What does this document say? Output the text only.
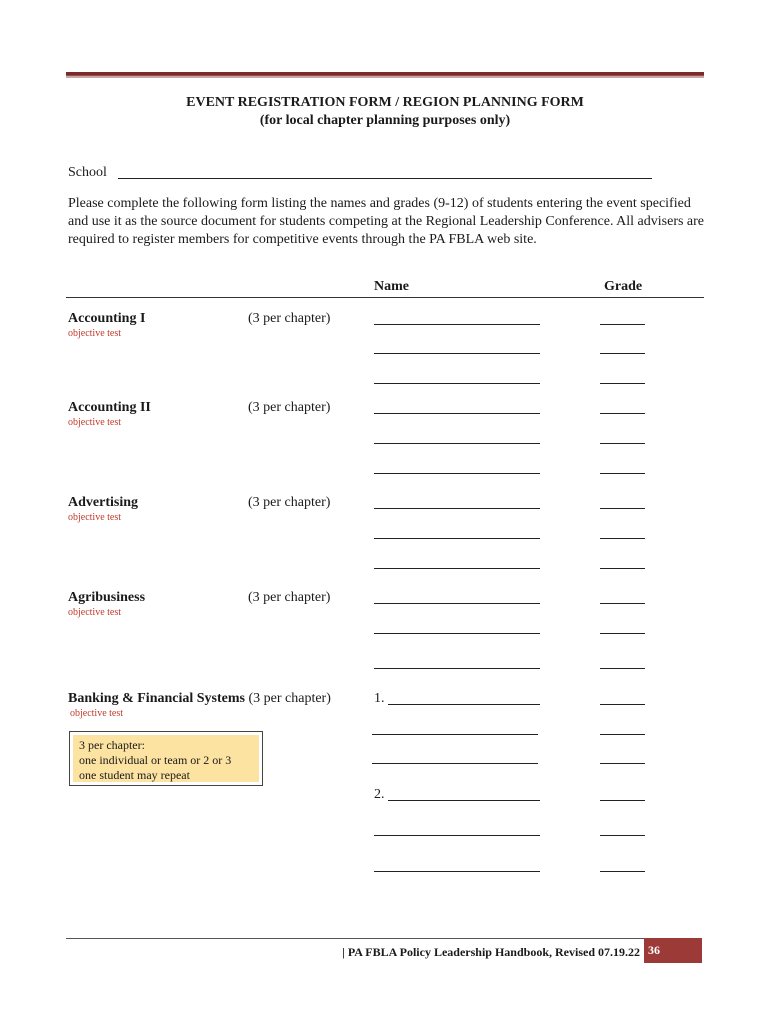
EVENT REGISTRATION FORM / REGION PLANNING FORM
(for local chapter planning purposes only)
School
Please complete the following form listing the names and grades (9-12) of students entering the event specified and use it as the source document for students competing at the Regional Leadership Conference. All advisers are required to register members for competitive events through the PA FBLA web site.
Name	Grade
Accounting I
objective test
(3 per chapter)
Accounting II
objective test
(3 per chapter)
Advertising
objective test
(3 per chapter)
Agribusiness
objective test
(3 per chapter)
Banking & Financial Systems (3 per chapter)
objective test
1.
2.
3 per chapter:
one individual or team or 2 or 3
one student may repeat
| PA FBLA Policy Leadership Handbook, Revised 07.19.22 36
